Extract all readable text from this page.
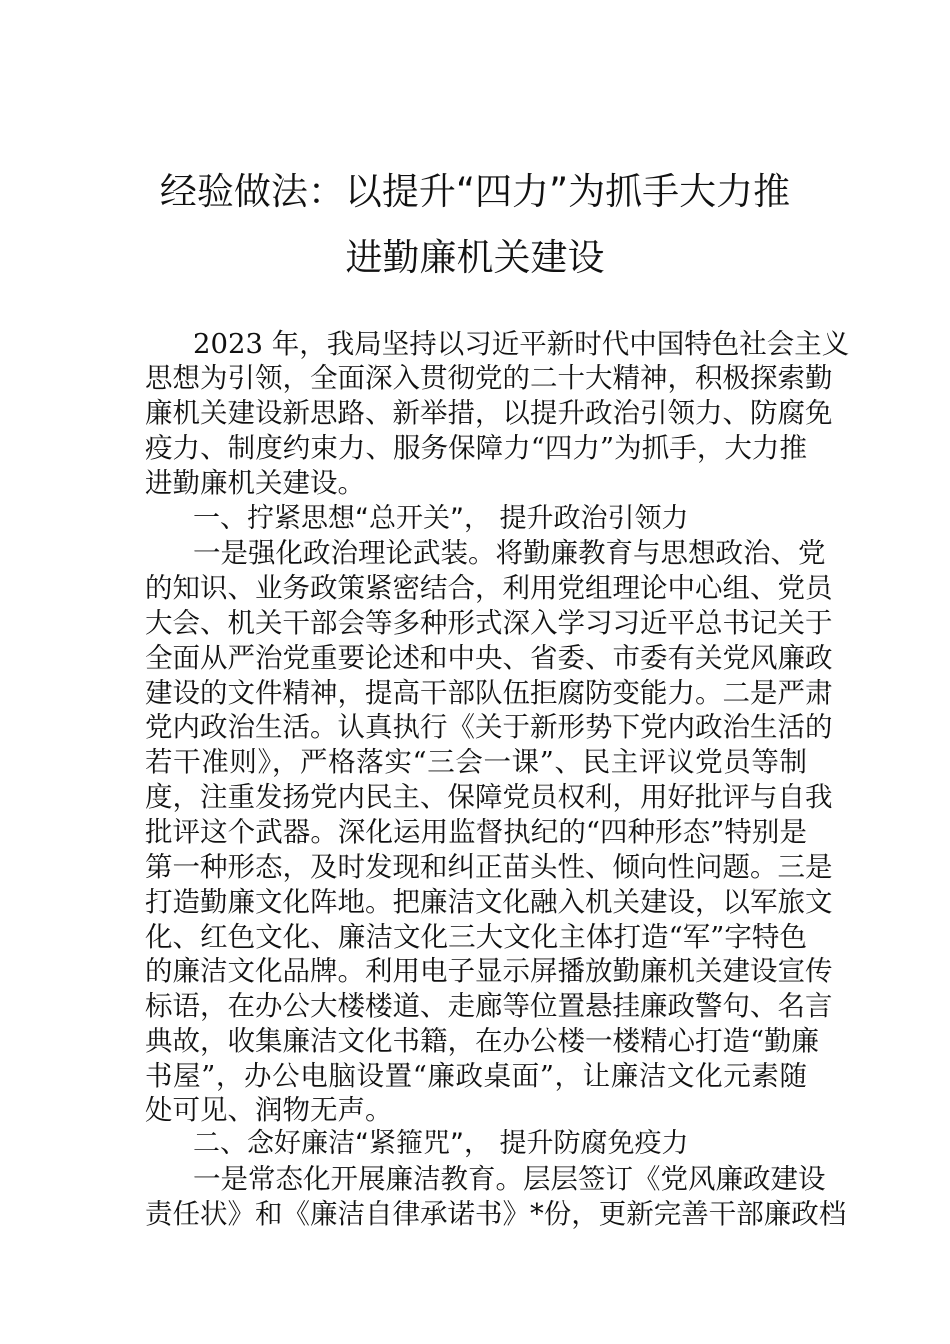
经验做法：以提升“四力”为抓手大力推
进勤廉机关建设
2023 年，我局坚持以习近平新时代中国特色社会主义
思想为引领，全面深入贯彻党的二十大精神，积极探索勤
廉机关建设新思路、新举措，以提升政治引领力、防腐免
疫力、制度约束力、服务保障力“四力”为抓手，大力推
进勤廉机关建设。
一、拧紧思想“总开关”， 提升政治引领力
一是强化政治理论武装。将勤廉教育与思想政治、党
的知识、业务政策紧密结合，利用党组理论中心组、党员
大会、机关干部会等多种形式深入学习习近平总书记关于
全面从严治党重要论述和中央、省委、市委有关党风廉政
建设的文件精神，提高干部队伍拒腐防变能力。二是严肃
党内政治生活。认真执行《关于新形势下党内政治生活的
若干准则》，严格落实“三会一课”、民主评议党员等制
度，注重发扬党内民主、保障党员权利，用好批评与自我
批评这个武器。深化运用监督执纪的“四种形态”特别是
第一种形态，及时发现和纠正苗头性、倾向性问题。三是
打造勤廉文化阵地。把廉洁文化融入机关建设，以军旅文
化、红色文化、廉洁文化三大文化主体打造“军”字特色
的廉洁文化品牌。利用电子显示屏播放勤廉机关建设宣传
标语，在办公大楼楼道、走廊等位置悬挂廉政警句、名言
典故，收集廉洁文化书籍，在办公楼一楼精心打造“勤廉
书屋”，办公电脑设置“廉政桌面”，让廉洁文化元素随
处可见、润物无声。
二、念好廉洁“紧箍咒”， 提升防腐免疫力
一是常态化开展廉洁教育。层层签订《党风廉政建设
责任状》和《廉洁自律承诺书》*份，更新完善干部廉政档
